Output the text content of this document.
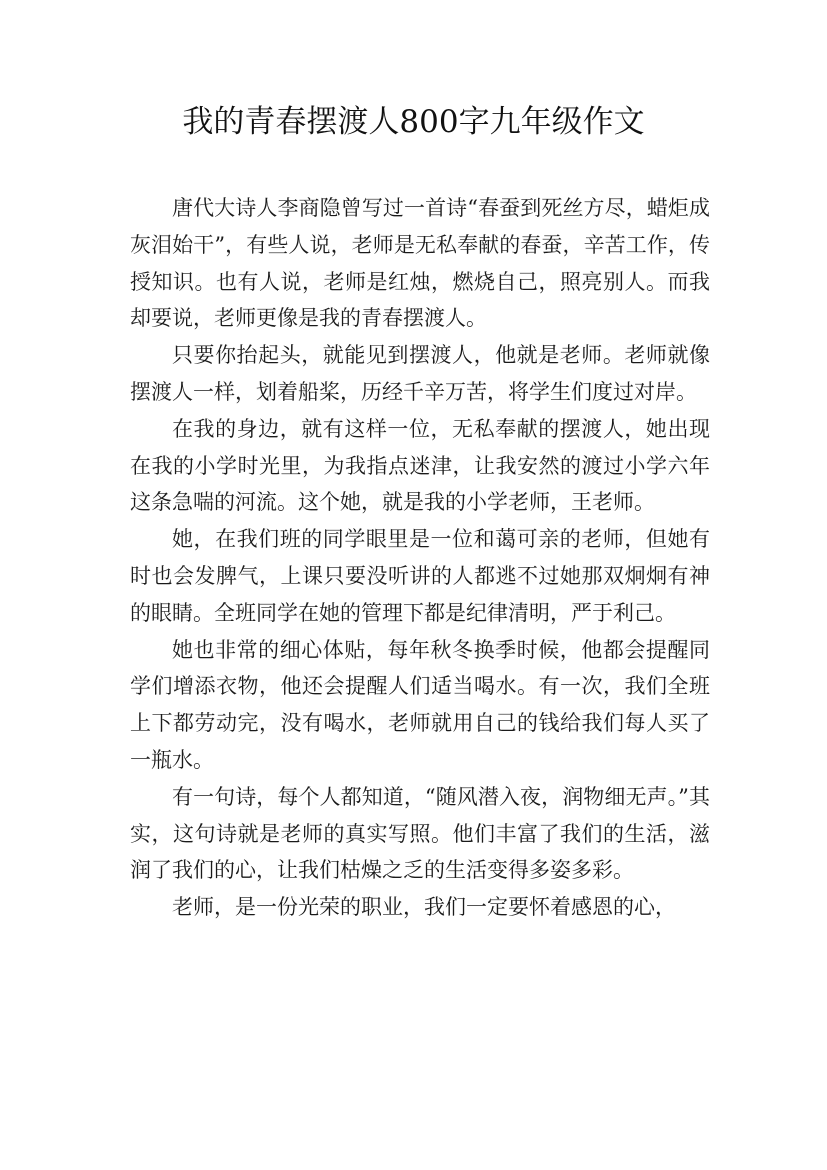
我的青春摆渡人800字九年级作文

唐代大诗人李商隐曾写过一首诗“春蚕到死丝方尽，蜡炬成灰泪始干”，有些人说，老师是无私奉献的春蚕，辛苦工作，传授知识。也有人说，老师是红烛，燃烧自己，照亮别人。而我却要说，老师更像是我的青春摆渡人。

只要你抬起头，就能见到摆渡人，他就是老师。老师就像摆渡人一样，划着船桨，历经千辛万苦，将学生们度过对岸。

在我的身边，就有这样一位，无私奉献的摆渡人，她出现在我的小学时光里，为我指点迷津，让我安然的渡过小学六年这条急喘的河流。这个她，就是我的小学老师，王老师。

她，在我们班的同学眼里是一位和蔼可亲的老师，但她有时也会发脾气，上课只要没听讲的人都逃不过她那双炯炯有神的眼睛。全班同学在她的管理下都是纪律清明，严于利己。

她也非常的细心体贴，每年秋冬换季时候，他都会提醒同学们增添衣物，他还会提醒人们适当喝水。有一次，我们全班上下都劳动完，没有喝水，老师就用自己的钱给我们每人买了一瓶水。

有一句诗，每个人都知道，“随风潜入夜，润物细无声。”其实，这句诗就是老师的真实写照。他们丰富了我们的生活，滋润了我们的心，让我们枯燥之乏的生活变得多姿多彩。

老师，是一份光荣的职业，我们一定要怀着感恩的心，
